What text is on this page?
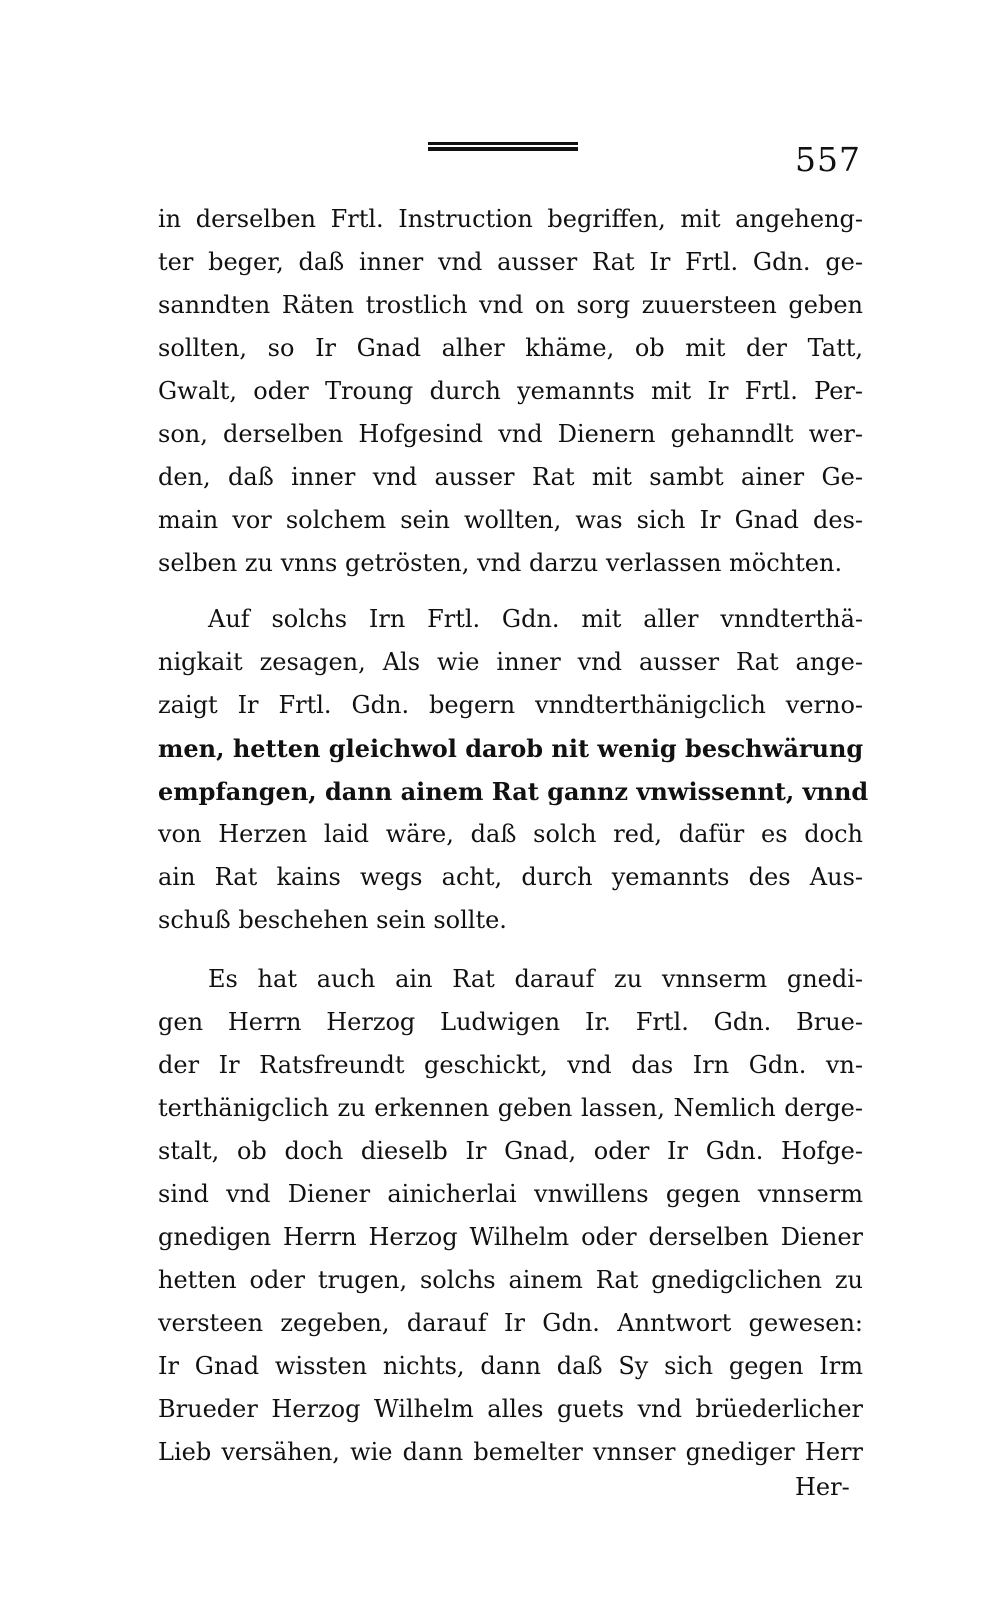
557
in derselben Frtl. Instruction begriffen, mit angeheng-
ter beger, daß inner vnd ausser Rat Ir Frtl. Gdn. ge-
sanndten Räten trostlich vnd on sorg zuuersteen geben
sollten, so Ir Gnad alher khäme, ob mit der Tatt,
Gwalt, oder Troung durch yemannts mit Ir Frtl. Per-
son, derselben Hofgesind vnd Dienern gehanndlt wer-
den, daß inner vnd ausser Rat mit sambt ainer Ge-
main vor solchem sein wollten, was sich Ir Gnad des-
selben zu vnns getrösten, vnd darzu verlassen möchten.
Auf solchs Irn Frtl. Gdn. mit aller vnndterthä-
nigkait zesagen, Als wie inner vnd ausser Rat ange-
zaigt Ir Frtl. Gdn. begern vnndterthänigclich verno-
men, hetten gleichwol darob nit wenig beschwärung
empfangen, dann ainem Rat gannz vnwissennt, vnnd
von Herzen laid wäre, daß solch red, dafür es doch
ain Rat kains wegs acht, durch yemannts des Aus-
schuß beschehen sein sollte.
Es hat auch ain Rat darauf zu vnnserm gnedi-
gen Herrn Herzog Ludwigen Ir. Frtl. Gdn. Brue-
der Ir Ratsfreundt geschickt, vnd das Irn Gdn. vn-
terthänigclich zu erkennen geben lassen, Nemlich derge-
stalt, ob doch dieselb Ir Gnad, oder Ir Gdn. Hofge-
sind vnd Diener ainicherlai vnwillens gegen vnnserm
gnedigen Herrn Herzog Wilhelm oder derselben Diener
hetten oder trugen, solchs ainem Rat gnedigclichen zu
versteen zegeben, darauf Ir Gdn. Anntwort gewesen:
Ir Gnad wissten nichts, dann daß Sy sich gegen Irm
Brueder Herzog Wilhelm alles guets vnd brüederlicher
Lieb versähen, wie dann bemelter vnnser gnediger Herr
Her-
